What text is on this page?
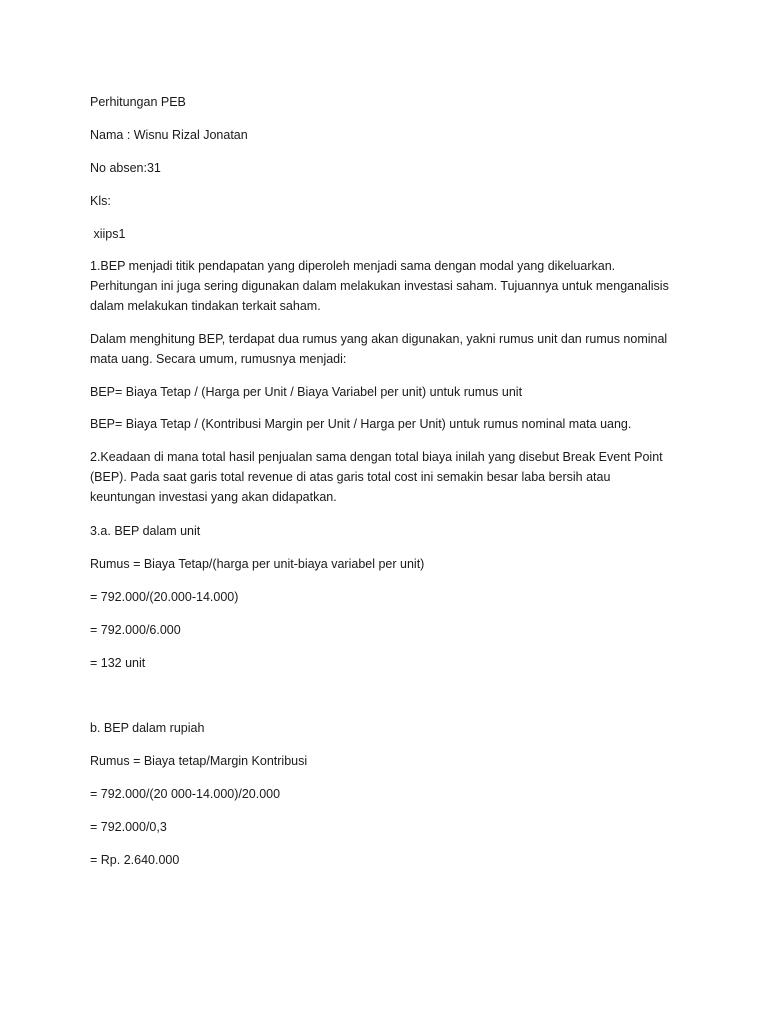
Perhitungan PEB

Nama : Wisnu Rizal Jonatan

No absen:31

Kls:

xiips1

1.BEP menjadi titik pendapatan yang diperoleh menjadi sama dengan modal yang dikeluarkan.
Perhitungan ini juga sering digunakan dalam melakukan investasi saham. Tujuannya untuk menganalisis
dalam melakukan tindakan terkait saham.
Dalam menghitung BEP, terdapat dua rumus yang akan digunakan, yakni rumus unit dan rumus nominal
mata uang. Secara umum, rumusnya menjadi:

BEP= Biaya Tetap / (Harga per Unit / Biaya Variabel per unit) untuk rumus unit

BEP= Biaya Tetap / (Kontribusi Margin per Unit / Harga per Unit) untuk rumus nominal mata uang.

2.Keadaan di mana total hasil penjualan sama dengan total biaya inilah yang disebut Break Event Point
(BEP). Pada saat garis total revenue di atas garis total cost ini semakin besar laba bersih atau
keuntungan investasi yang akan didapatkan.

3.a. BEP dalam unit

Rumus = Biaya Tetap/(harga per unit-biaya variabel per unit)

= 792.000/(20.000-14.000)

= 792.000/6.000

= 132 unit

b. BEP dalam rupiah

Rumus = Biaya tetap/Margin Kontribusi

= 792.000/(20 000-14.000)/20.000

= 792.000/0,3

= Rp. 2.640.000
